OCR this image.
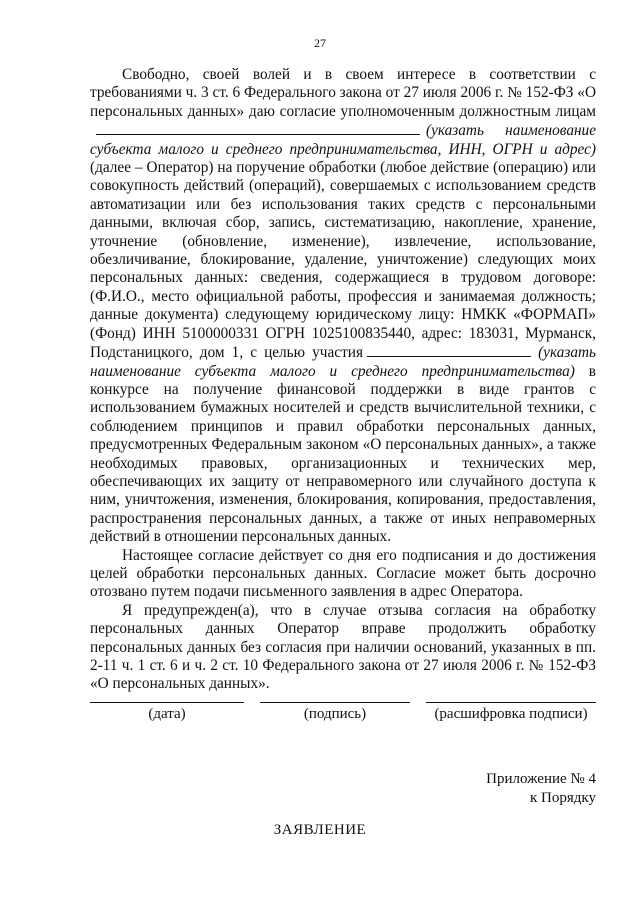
27

Свободно, своей волей и в своем интересе в соответствии с требованиями ч. 3 ст. 6 Федерального закона от 27 июля 2006 г. № 152-ФЗ «О персональных данных» даю согласие уполномоченным должностным лицам(указать наименование субъекта малого и среднего предпринимательства, ИНН, ОГРН и адрес) (далее – Оператор) на поручение обработки (любое действие (операцию) или совокупность действий (операций), совершаемых с использованием средств автоматизации или без использования таких средств с персональными данными, включая сбор, запись, систематизацию, накопление, хранение, уточнение (обновление, изменение), извлечение, использование, обезличивание, блокирование, удаление, уничтожение) следующих моих персональных данных: сведения, содержащиеся в трудовом договоре: (Ф.И.О., место официальной работы, профессия и занимаемая должность; данные документа) следующему юридическому лицу: НМКК «ФОРМАП» (Фонд) ИНН 5100000331 ОГРН 1025100835440, адрес: 183031, Мурманск, Подстаницкого, дом 1, с целью участия	(указать наименование субъекта малого и среднего предпринимательства) в конкурсе на получение финансовой поддержки в виде грантов с использованием бумажных носителей и средств вычислительной техники, с соблюдением принципов и правил обработки персональных данных, предусмотренных Федеральным законом «О персональных данных», а также необходимых правовых, организационных и технических мер, обеспечивающих их защиту от неправомерного или случайного доступа к ним, уничтожения, изменения, блокирования, копирования, предоставления, распространения персональных данных, а также от иных неправомерных действий в отношении персональных данных.

Настоящее согласие действует со дня его подписания и до достижения целей обработки персональных данных. Согласие может быть досрочно отозвано путем подачи письменного заявления в адрес Оператора.

Я предупрежден(а), что в случае отзыва согласия на обработку персональных данных Оператор вправе продолжить обработку персональных данных без согласия при наличии оснований, указанных в пп. 2-11 ч. 1 ст. 6 и ч. 2 ст. 10 Федерального закона от 27 июля 2006 г. № 152-ФЗ «О персональных данных».

(дата)	(подпись)	(расшифровка подписи)
Приложение № 4
к Порядку
ЗАЯВЛЕНИЕ
